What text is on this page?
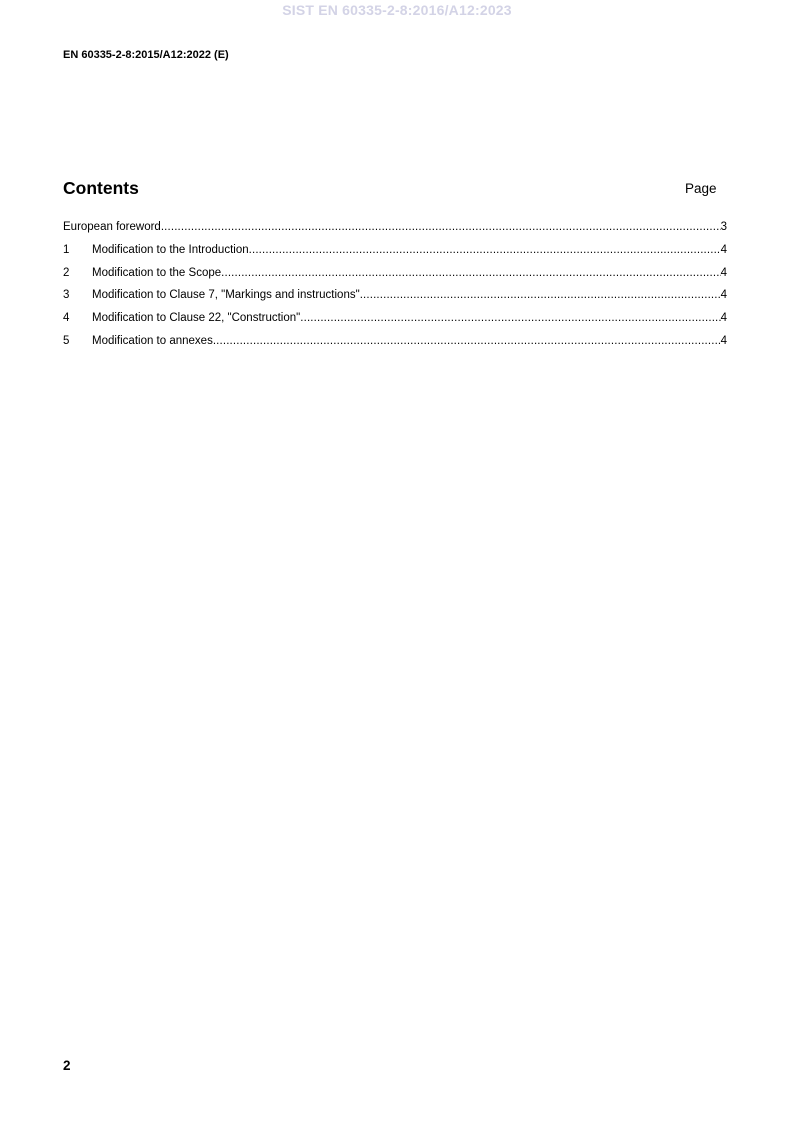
SIST EN 60335-2-8:2016/A12:2023
EN 60335-2-8:2015/A12:2022 (E)
Contents	Page
European foreword .....	3
1	Modification to the Introduction .....	4
2	Modification to the Scope .....	4
3	Modification to Clause 7, "Markings and instructions" .....	4
4	Modification to Clause 22, "Construction" .....	4
5	Modification to annexes .....	4
2
